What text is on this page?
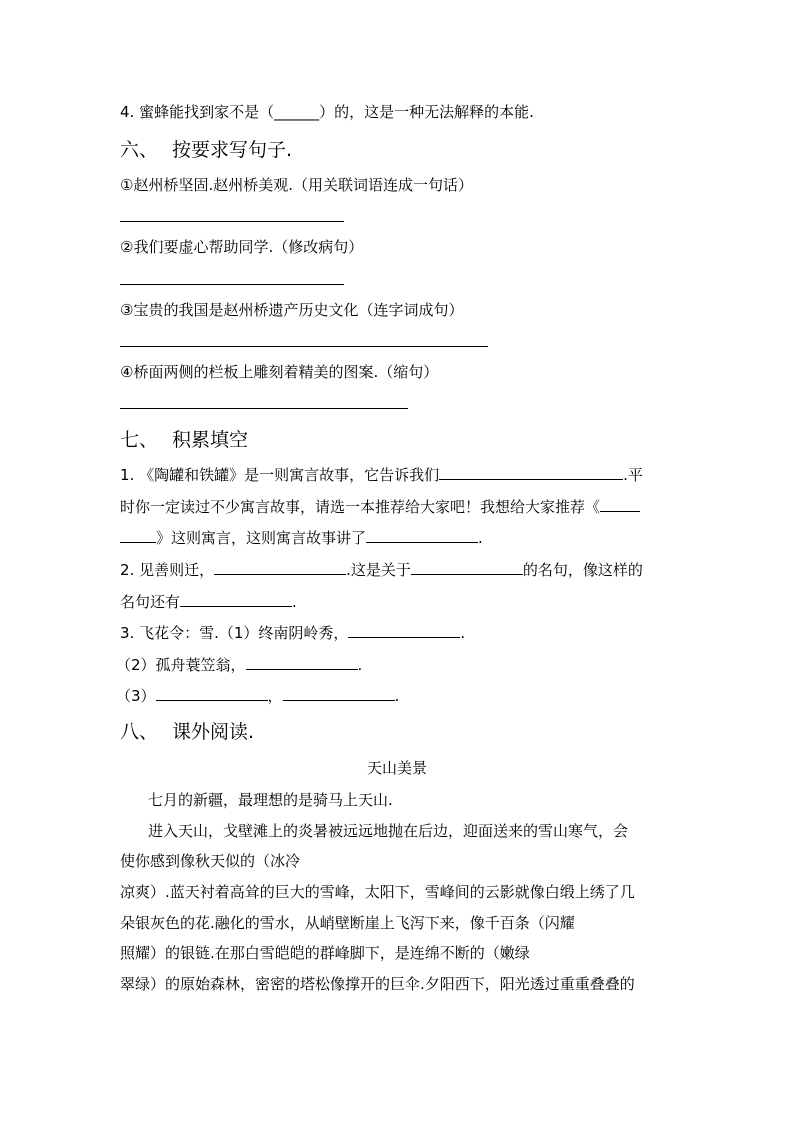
4. 蜜蜂能找到家不是（______）的，这是一种无法解释的本能.
六、 按要求写句子.
①赵州桥坚固.赵州桥美观.（用关联词语连成一句话）
②我们要虚心帮助同学.（修改病句）
③宝贵的我国是赵州桥遗产历史文化（连字词成句）
④桥面两侧的栏板上雕刻着精美的图案.（缩句）
七、 积累填空
1. 《陶罐和铁罐》是一则寓言故事，它告诉我们	.平
时你一定读过不少寓言故事，请选一本推荐给大家吧！我想给大家推荐《
》这则寓言，这则寓言故事讲了	.
2. 见善则迁，	.这是关于	的名句，像这样的
名句还有	.
3. 飞花令：雪.（1）终南阴岭秀，	.
（2）孤舟蓑笠翁，	.
（3）	，	.
八、 课外阅读.
天山美景
七月的新疆，最理想的是骑马上天山.
进入天山，戈壁滩上的炎暑被远远地抛在后边，迎面送来的雪山寒气，会
使你感到像秋天似的（冰冷
凉爽）.蓝天衬着高耸的巨大的雪峰，太阳下，雪峰间的云影就像白缎上绣了几
朵银灰色的花.融化的雪水，从峭壁断崖上飞泻下来，像千百条（闪耀
照耀）的银链.在那白雪皑皑的群峰脚下，是连绵不断的（嫩绿
翠绿）的原始森林，密密的塔松像撑开的巨伞.夕阳西下，阳光透过重重叠叠的
